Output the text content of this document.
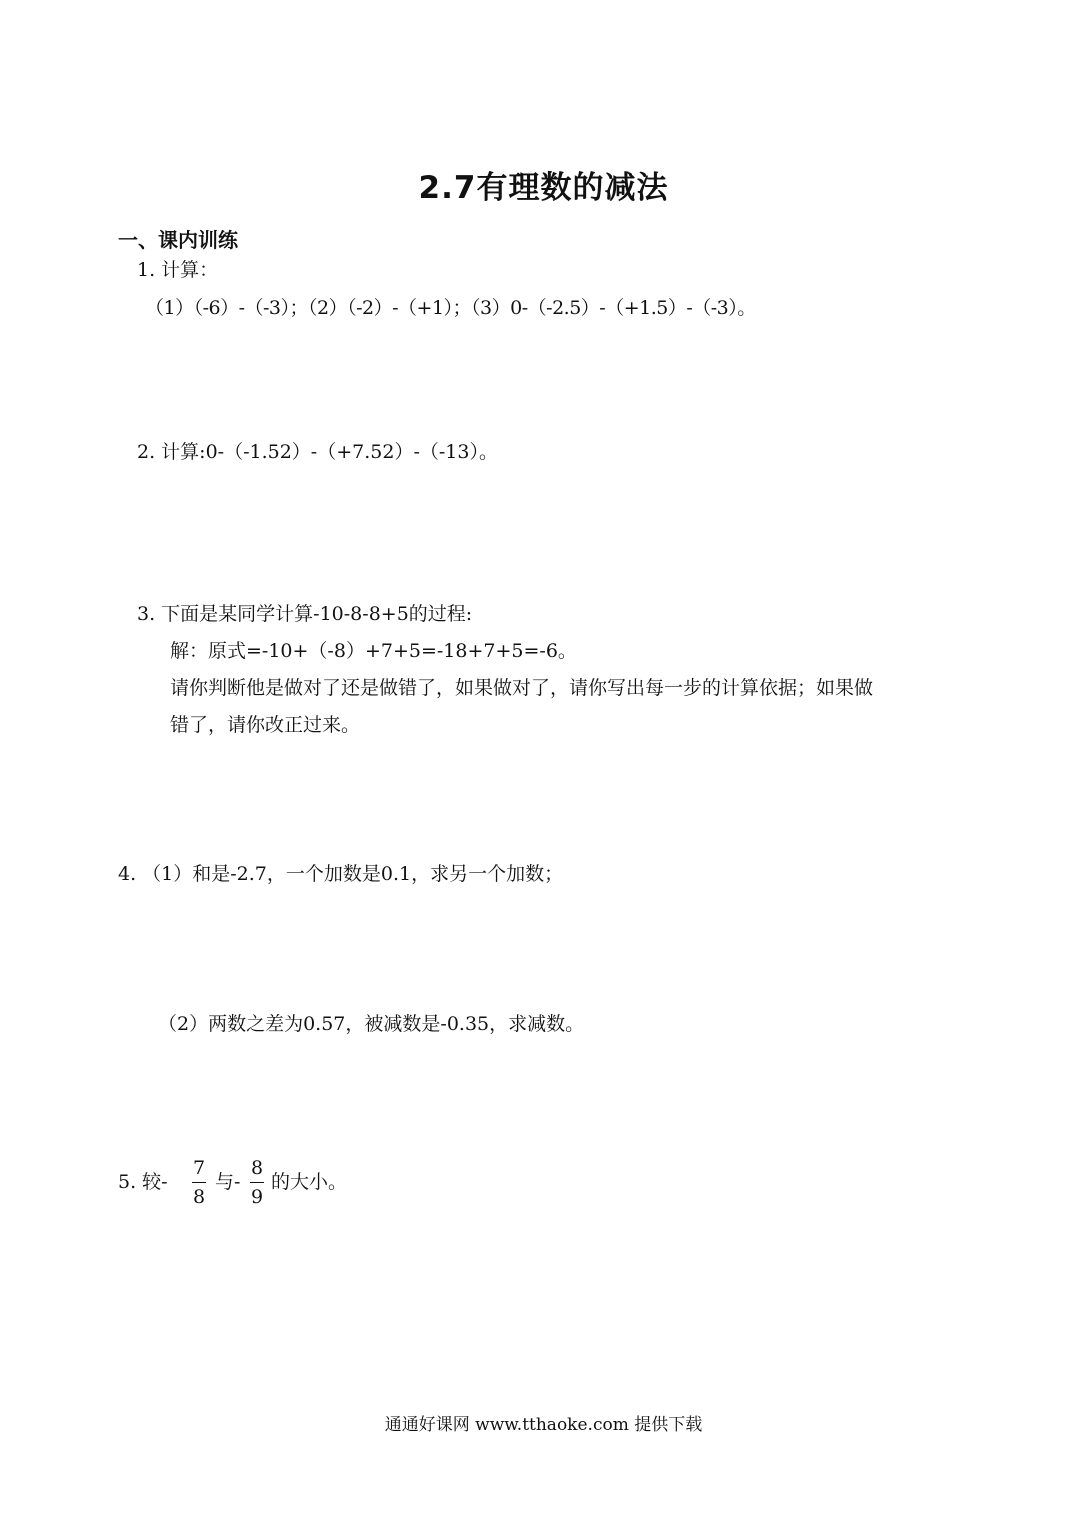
2.7有理数的减法
一、课内训练
1. 计算：
（1）（-6）-（-3）；（2）（-2）-（+1）；（3）0-（-2.5）-（+1.5）-（-3）。
2. 计算:0-（-1.52）-（+7.52）-（-13）。
3. 下面是某同学计算-10-8-8+5的过程:
解：原式=-10+（-8）+7+5=-18+7+5=-6。
请你判断他是做对了还是做错了，如果做对了，请你写出每一步的计算依据；如果做
错了，请你改正过来。
4. （1）和是-2.7，一个加数是0.1，求另一个加数；
（2）两数之差为0.57，被减数是-0.35，求减数。
5. 较-
7
8
与-
8
9
的大小。
通通好课网 www.tthaoke.com 提供下载
